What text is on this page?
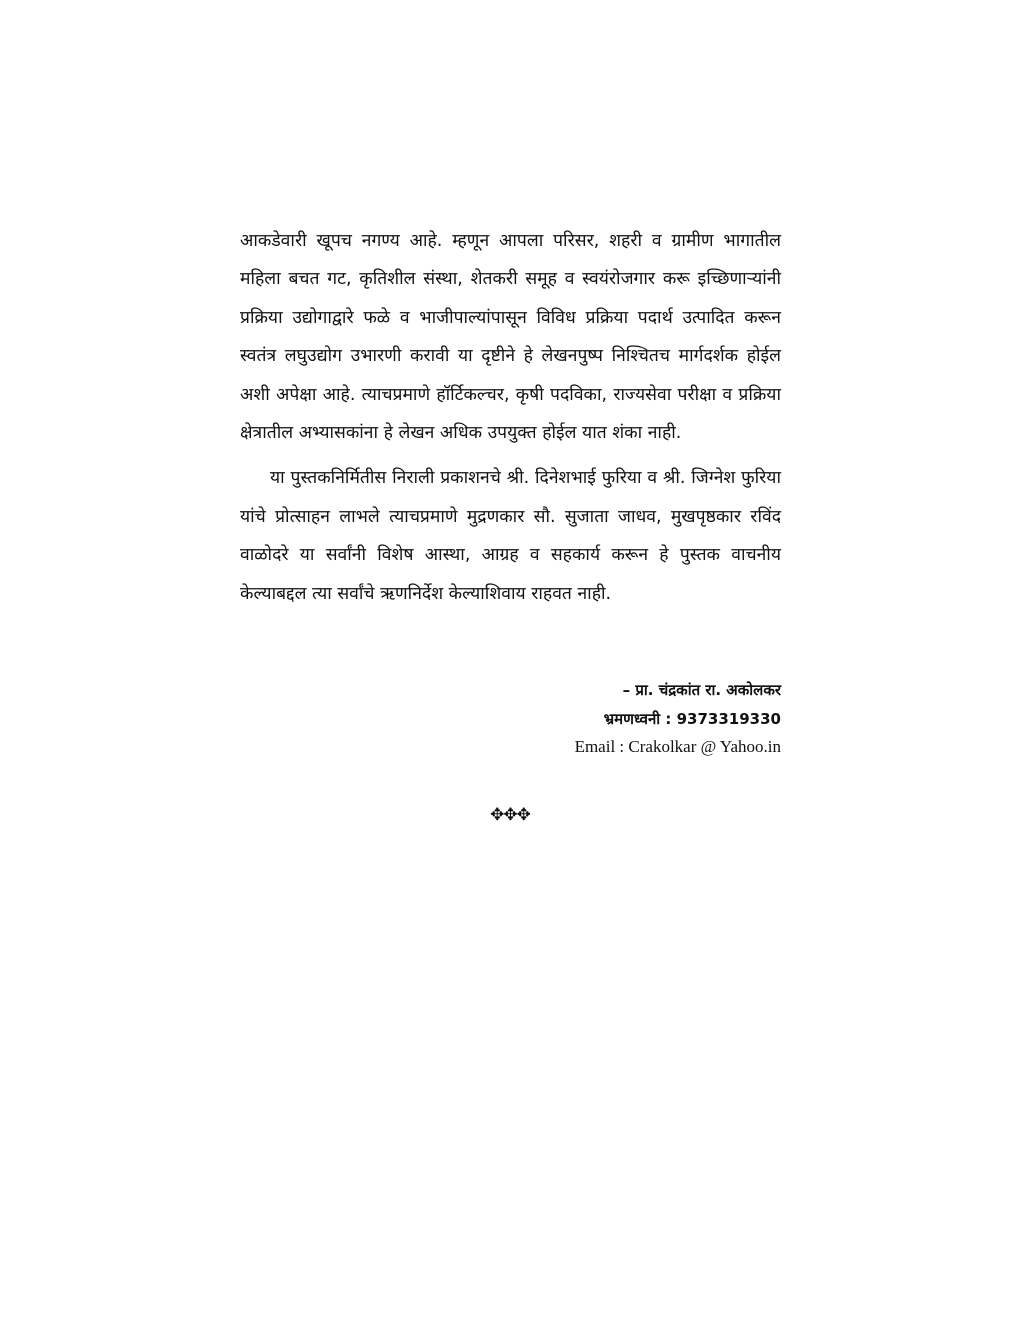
आकडेवारी खूपच नगण्य आहे. म्हणून आपला परिसर, शहरी व ग्रामीण भागातील महिला बचत गट, कृतिशील संस्था, शेतकरी समूह व स्वयंरोजगार करू इच्छिणाऱ्यांनी प्रक्रिया उद्योगाद्वारे फळे व भाजीपाल्यांपासून विविध प्रक्रिया पदार्थ उत्पादित करून स्वतंत्र लघुउद्योग उभारणी करावी या दृष्टीने हे लेखनपुष्प निश्चितच मार्गदर्शक होईल अशी अपेक्षा आहे. त्याचप्रमाणे हॉर्टिकल्चर, कृषी पदविका, राज्यसेवा परीक्षा व प्रक्रिया क्षेत्रातील अभ्यासकांना हे लेखन अधिक उपयुक्त होईल यात शंका नाही.

या पुस्तकनिर्मितीस निराली प्रकाशनचे श्री. दिनेशभाई फुरिया व श्री. जिग्नेश फुरिया यांचे प्रोत्साहन लाभले त्याचप्रमाणे मुद्रणकार सौ. सुजाता जाधव, मुखपृष्ठकार रविंद वाळोदरे या सर्वांनी विशेष आस्था, आग्रह व सहकार्य करून हे पुस्तक वाचनीय केल्याबद्दल त्या सर्वांचे ऋणनिर्देश केल्याशिवाय राहवत नाही.

– प्रा. चंद्रकांत रा. अकोलकर
भ्रमणध्वनी : 9373319330
Email : Crakolkar @ Yahoo.in
✥✥✥
